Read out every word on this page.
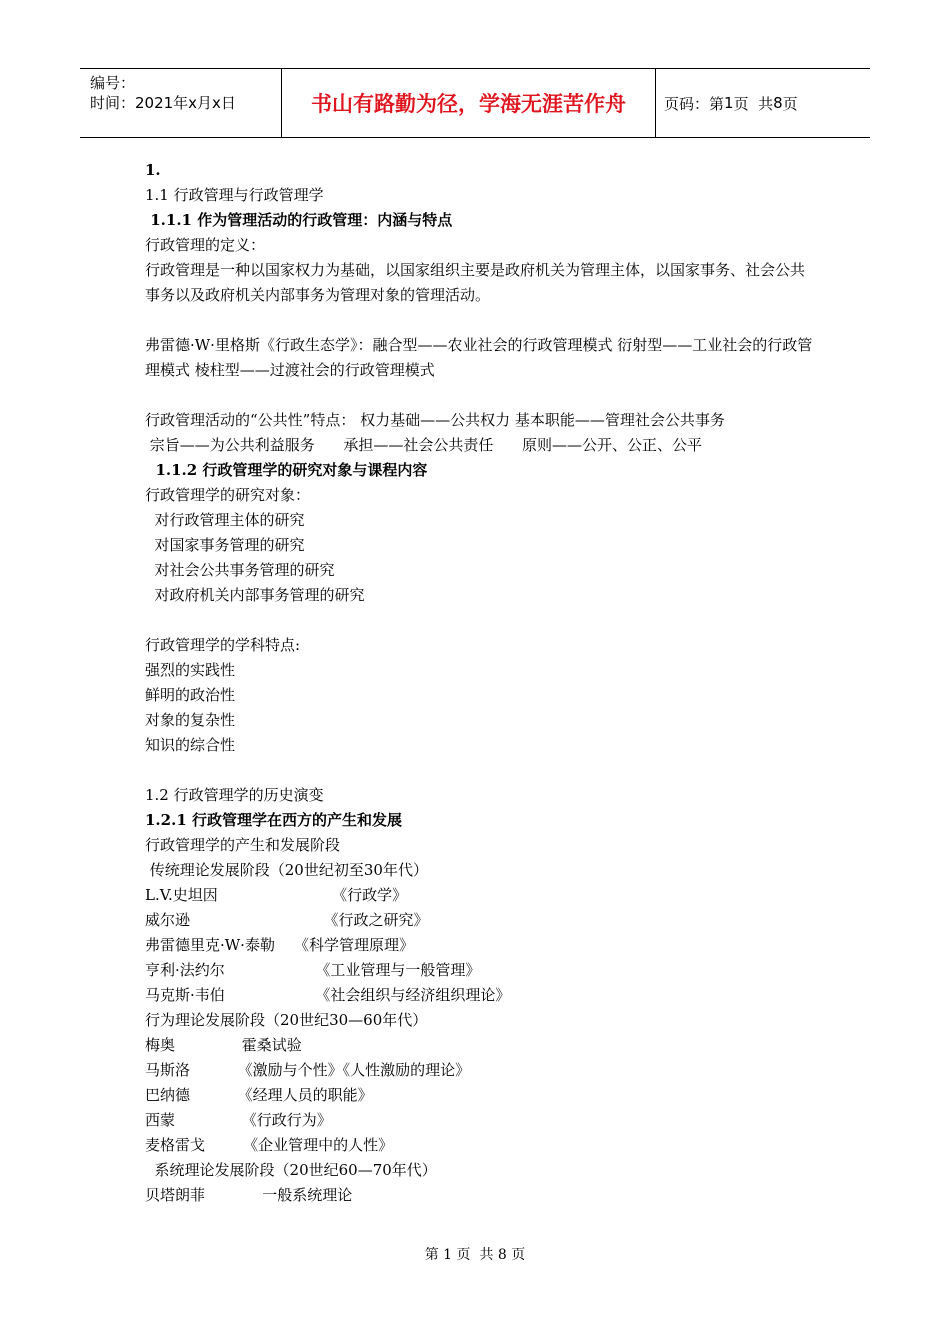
编号：
时间：2021年x月x日	书山有路勤为径，学海无涯苦作舟	页码：第 1 页  共 8 页

1.

1.1 行政管理与行政管理学

1.1.1 作为管理活动的行政管理：内涵与特点

行政管理的定义：

行政管理是一种以国家权力为基础，以国家组织主要是政府机关为管理主体，以国家事务、社会公共事务以及政府机关内部事务为管理对象的管理活动。

弗雷德·W·里格斯《行政生态学》：融合型——农业社会的行政管理模式 衍射型——工业社会的行政管理模式 棱柱型——过渡社会的行政管理模式

行政管理活动的“公共性”特点： 权力基础——公共权力 基本职能——管理社会公共事务

宗旨——为公共利益服务      承担——社会公共责任      原则——公开、公正、公平

1.1.2 行政管理学的研究对象与课程内容

行政管理学的研究对象：

对行政管理主体的研究

对国家事务管理的研究

对社会公共事务管理的研究

对政府机关内部事务管理的研究

行政管理学的学科特点:

强烈的实践性

鲜明的政治性

对象的复杂性

知识的综合性

1.2 行政管理学的历史演变

1.2.1 行政管理学在西方的产生和发展

行政管理学的产生和发展阶段

传统理论发展阶段（20世纪初至30年代）

L.V.史坦因                        《行政学》

威尔逊                            《行政之研究》

弗雷德里克·W·泰勒    《科学管理原理》

亨利·法约尔                   《工业管理与一般管理》

马克斯·韦伯                   《社会组织与经济组织理论》

行为理论发展阶段（20世纪30—60年代）

梅奥              霍桑试验

马斯洛          《激励与个性》《人性激励的理论》

巴纳德          《经理人员的职能》

西蒙              《行政行为》

麦格雷戈        《企业管理中的人性》

系统理论发展阶段（20世纪60—70年代）

贝塔朗菲            一般系统理论

第 1 页  共 8 页
